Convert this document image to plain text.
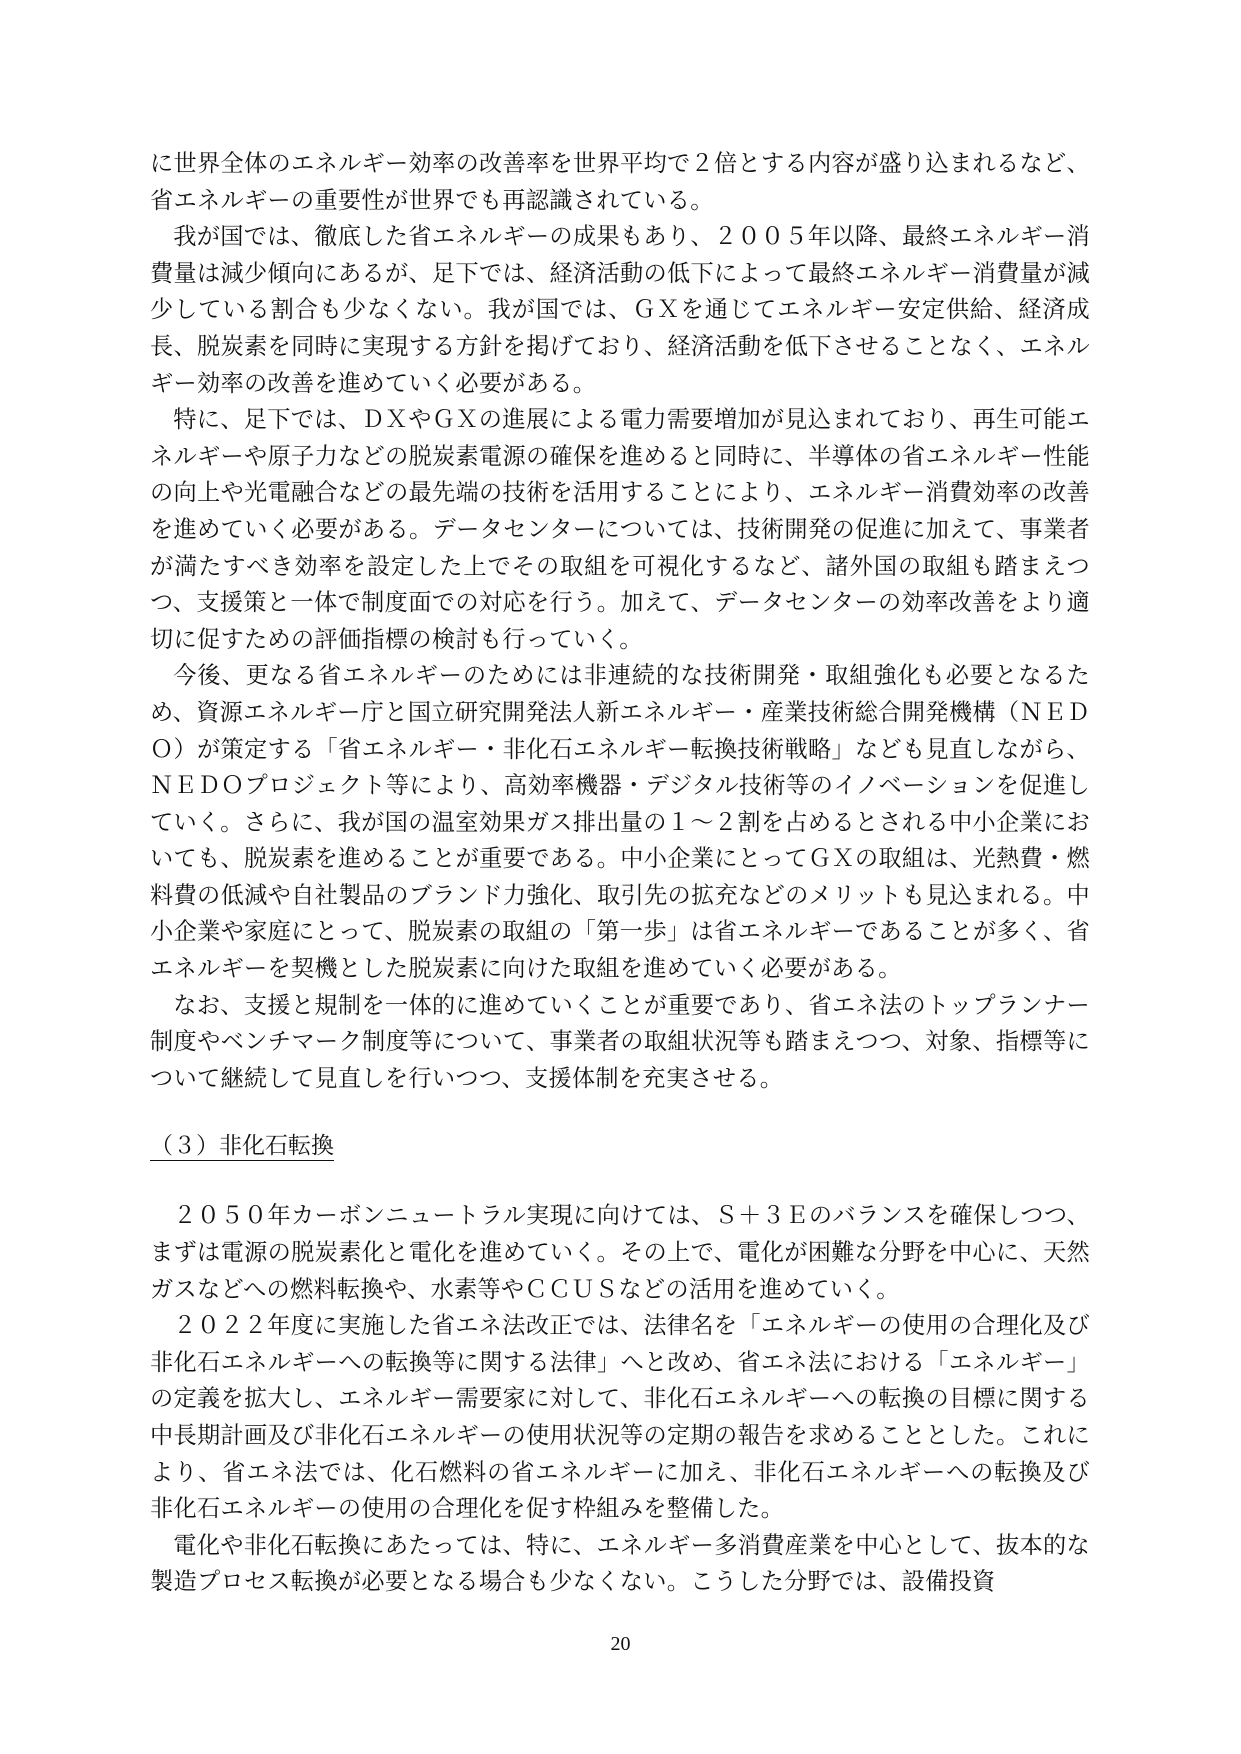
に世界全体のエネルギー効率の改善率を世界平均で２倍とする内容が盛り込まれるなど、省エネルギーの重要性が世界でも再認識されている。

我が国では、徹底した省エネルギーの成果もあり、２００５年以降、最終エネルギー消費量は減少傾向にあるが、足下では、経済活動の低下によって最終エネルギー消費量が減少している割合も少なくない。我が国では、ＧＸを通じてエネルギー安定供給、経済成長、脱炭素を同時に実現する方針を掲げており、経済活動を低下させることなく、エネルギー効率の改善を進めていく必要がある。

特に、足下では、ＤＸやＧＸの進展による電力需要増加が見込まれており、再生可能エネルギーや原子力などの脱炭素電源の確保を進めると同時に、半導体の省エネルギー性能の向上や光電融合などの最先端の技術を活用することにより、エネルギー消費効率の改善を進めていく必要がある。データセンターについては、技術開発の促進に加えて、事業者が満たすべき効率を設定した上でその取組を可視化するなど、諸外国の取組も踏まえつつ、支援策と一体で制度面での対応を行う。加えて、データセンターの効率改善をより適切に促すための評価指標の検討も行っていく。

今後、更なる省エネルギーのためには非連続的な技術開発・取組強化も必要となるため、資源エネルギー庁と国立研究開発法人新エネルギー・産業技術総合開発機構（ＮＥＤＯ）が策定する「省エネルギー・非化石エネルギー転換技術戦略」なども見直しながら、ＮＥＤＯプロジェクト等により、高効率機器・デジタル技術等のイノベーションを促進していく。さらに、我が国の温室効果ガス排出量の１～２割を占めるとされる中小企業においても、脱炭素を進めることが重要である。中小企業にとってＧＸの取組は、光熱費・燃料費の低減や自社製品のブランド力強化、取引先の拡充などのメリットも見込まれる。中小企業や家庭にとって、脱炭素の取組の「第一歩」は省エネルギーであることが多く、省エネルギーを契機とした脱炭素に向けた取組を進めていく必要がある。

なお、支援と規制を一体的に進めていくことが重要であり、省エネ法のトップランナー制度やベンチマーク制度等について、事業者の取組状況等も踏まえつつ、対象、指標等について継続して見直しを行いつつ、支援体制を充実させる。

（３）非化石転換

２０５０年カーボンニュートラル実現に向けては、Ｓ＋３Ｅのバランスを確保しつつ、まずは電源の脱炭素化と電化を進めていく。その上で、電化が困難な分野を中心に、天然ガスなどへの燃料転換や、水素等やＣＣＵＳなどの活用を進めていく。

２０２２年度に実施した省エネ法改正では、法律名を「エネルギーの使用の合理化及び非化石エネルギーへの転換等に関する法律」へと改め、省エネ法における「エネルギー」の定義を拡大し、エネルギー需要家に対して、非化石エネルギーへの転換の目標に関する中長期計画及び非化石エネルギーの使用状況等の定期の報告を求めることとした。これにより、省エネ法では、化石燃料の省エネルギーに加え、非化石エネルギーへの転換及び非化石エネルギーの使用の合理化を促す枠組みを整備した。

電化や非化石転換にあたっては、特に、エネルギー多消費産業を中心として、抜本的な製造プロセス転換が必要となる場合も少なくない。こうした分野では、設備投資

20
